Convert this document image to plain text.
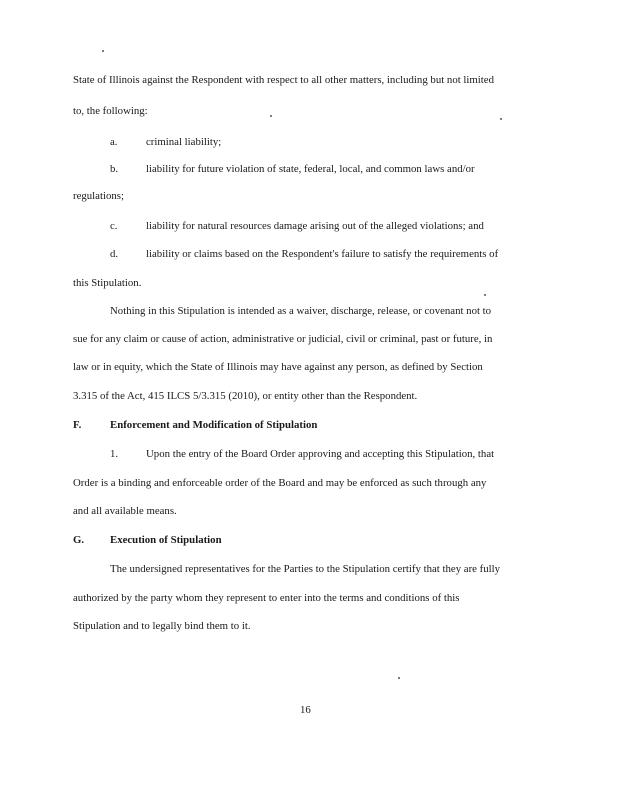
State of Illinois against the Respondent with respect to all other matters, including but not limited
to, the following:
a.	criminal liability;
b.	liability for future violation of state, federal, local, and common laws and/or
regulations;
c.	liability for natural resources damage arising out of the alleged violations; and
d.	liability or claims based on the Respondent's failure to satisfy the requirements of
this Stipulation.
Nothing in this Stipulation is intended as a waiver, discharge, release, or covenant not to
sue for any claim or cause of action, administrative or judicial, civil or criminal, past or future, in
law or in equity, which the State of Illinois may have against any person, as defined by Section
3.315 of the Act, 415 ILCS 5/3.315 (2010), or entity other than the Respondent.
F.	Enforcement and Modification of Stipulation
1.	Upon the entry of the Board Order approving and accepting this Stipulation, that
Order is a binding and enforceable order of the Board and may be enforced as such through any
and all available means.
G. Execution of Stipulation
The undersigned representatives for the Parties to the Stipulation certify that they are fully
authorized by the party whom they represent to enter into the terms and conditions of this
Stipulation and to legally bind them to it.
16
